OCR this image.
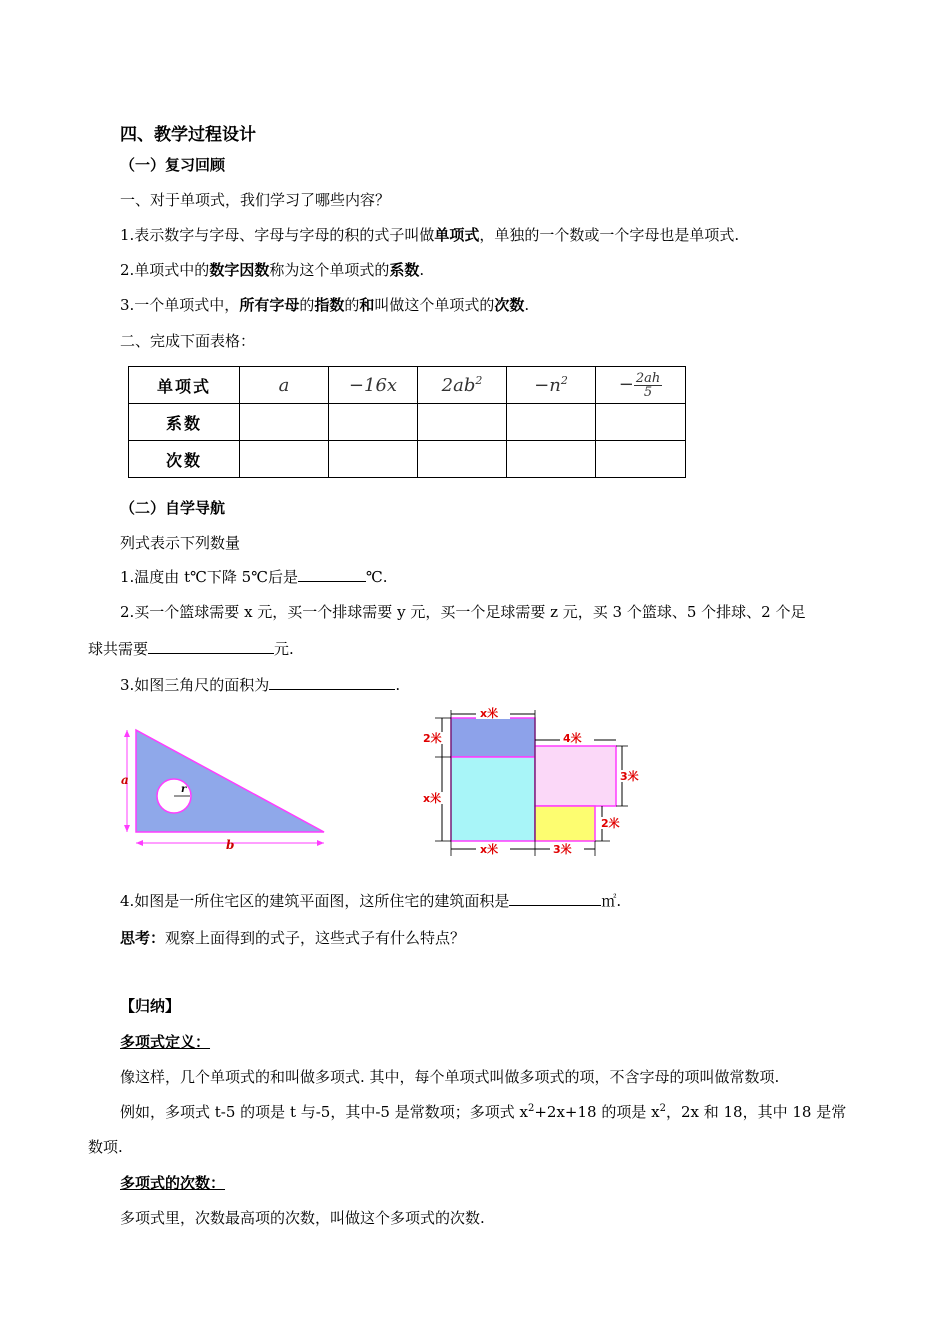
四、教学过程设计
（一）复习回顾
一、对于单项式，我们学习了哪些内容？
1.表示数字与字母、字母与字母的积的式子叫做单项式，单独的一个数或一个字母也是单项式.
2.单项式中的数字因数称为这个单项式的系数.
3.一个单项式中，所有字母的指数的和叫做这个单项式的次数.
二、完成下面表格：
单项式	a	−16x	$2ab^2$	$-n^2$	− $\frac{2ah}{5}$

系数					
次数					
（二）自学导航
列式表示下列数量
1.温度由 t℃下降 5℃后是	℃.
2.买一个篮球需要 x 元，买一个排球需要 y 元，买一个足球需要 z 元，买 3 个篮球、5 个排球、2 个足
球共需要	元.
3.如图三角尺的面积为	.
r
a
b
x米
2米	4米
3米
x米
2米
x米	3米
4.如图是一所住宅区的建筑平面图，这所住宅的建筑面积是	㎡.
思考：观察上面得到的式子，这些式子有什么特点？
【归纳】
多项式定义：
像这样，几个单项式的和叫做多项式. 其中，每个单项式叫做多项式的项，不含字母的项叫做常数项.
例如，多项式 t-5 的项是 t 与-5，其中-5 是常数项；多项式 $x^2+2x+18$ 的项是 $x^2$，2x 和 18，其中 18 是常
数项.
多项式的次数：
多项式里，次数最高项的次数，叫做这个多项式的次数.
